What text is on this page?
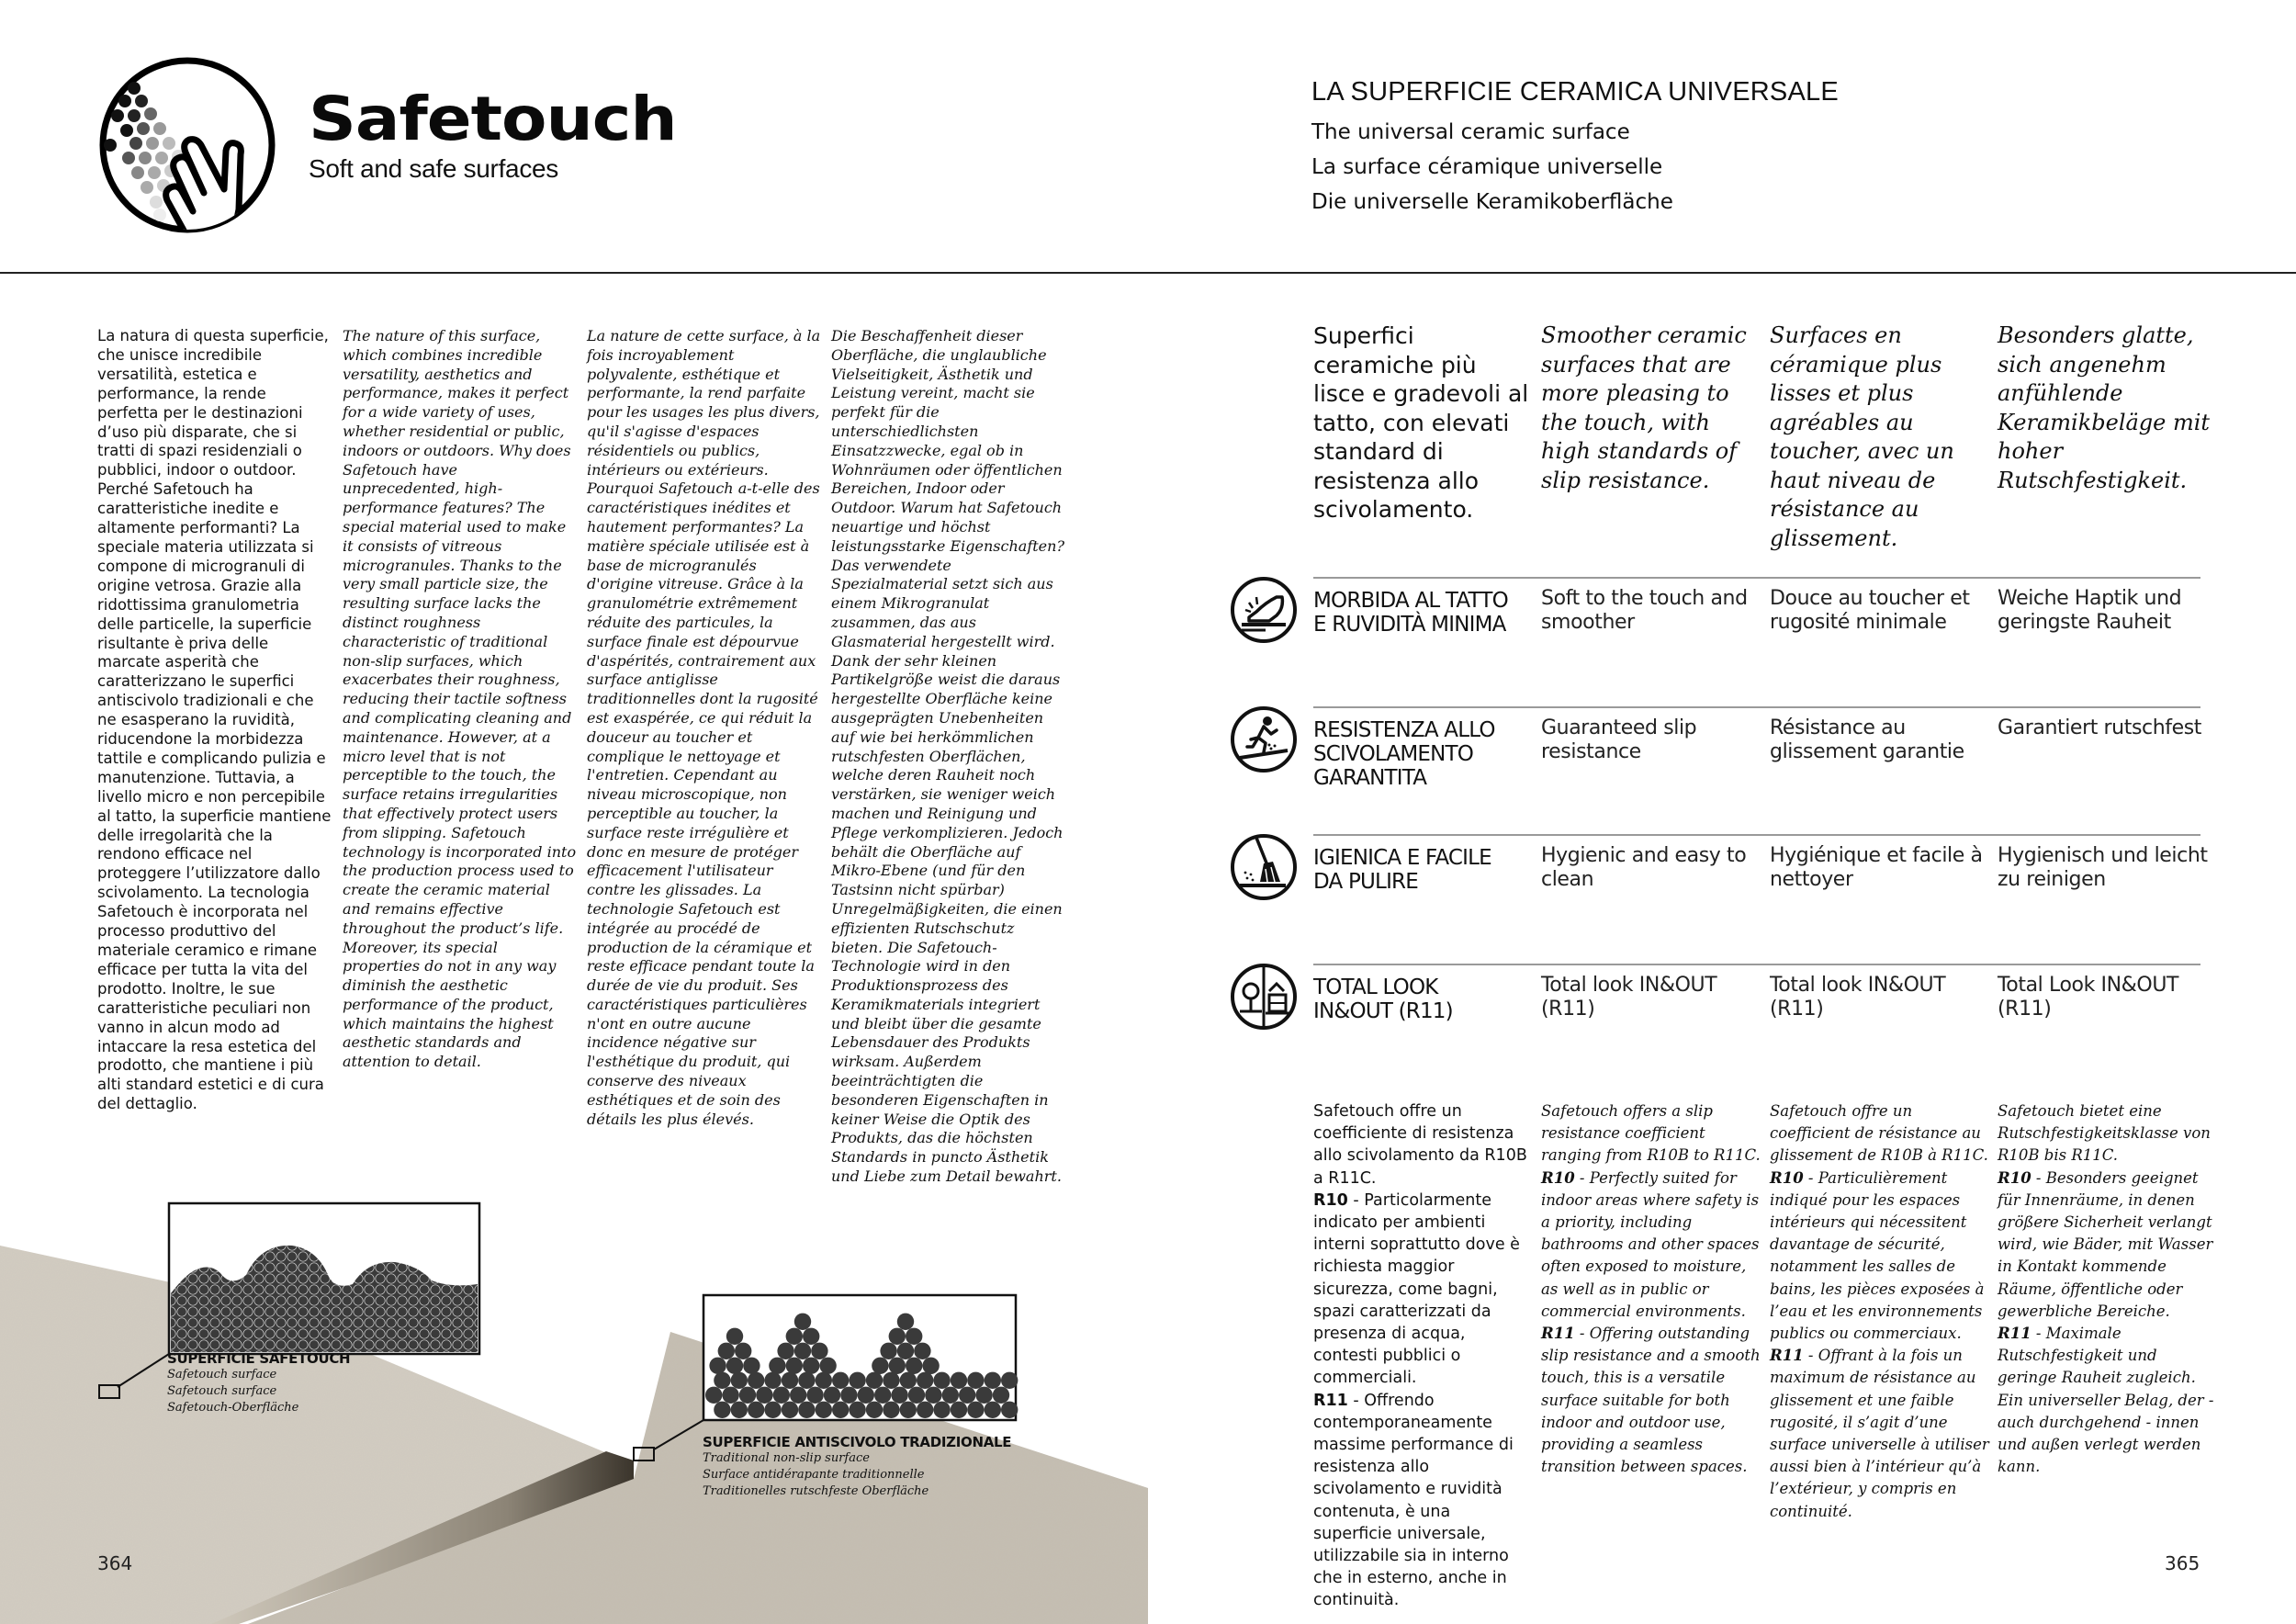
Safetouch
Soft and safe surfaces
LA SUPERFICIE CERAMICA UNIVERSALE
The universal ceramic surface
La surface céramique universelle
Die universelle Keramikoberfläche

La natura di questa superficie, che unisce incredibile versatilità, estetica e performance, la rende perfetta per le destinazioni d’uso più disparate, che si tratti di spazi residenziali o pubblici, indoor o outdoor. Perché Safetouch ha caratteristiche inedite e altamente performanti? La speciale materia utilizzata si compone di microgranuli di origine vetrosa. Grazie alla ridottissima granulometria delle particelle, la superficie risultante è priva delle marcate asperità che caratterizzano le superfici antiscivolo tradizionali e che ne esasperano la ruvidità, riducendone la morbidezza tattile e complicando pulizia e manutenzione. Tuttavia, a livello micro e non percepibile al tatto, la superficie mantiene delle irregolarità che la rendono efficace nel proteggere l’utilizzatore dallo scivolamento. La tecnologia Safetouch è incorporata nel processo produttivo del materiale ceramico e rimane efficace per tutta la vita del prodotto. Inoltre, le sue caratteristiche peculiari non vanno in alcun modo ad intaccare la resa estetica del prodotto, che mantiene i più alti standard estetici e di cura del dettaglio.

The nature of this surface, which combines incredible versatility, aesthetics and performance, makes it perfect for a wide variety of uses, whether residential or public, indoors or outdoors. Why does Safetouch have unprecedented, high-performance features? The special material used to make it consists of vitreous microgranules. Thanks to the very small particle size, the resulting surface lacks the distinct roughness characteristic of traditional non-slip surfaces, which exacerbates their roughness, reducing their tactile softness and complicating cleaning and maintenance. However, at a micro level that is not perceptible to the touch, the surface retains irregularities that effectively protect users from slipping. Safetouch technology is incorporated into the production process used to create the ceramic material and remains effective throughout the product’s life. Moreover, its special properties do not in any way diminish the aesthetic performance of the product, which maintains the highest aesthetic standards and attention to detail.

La nature de cette surface, à la fois incroyablement polyvalente, esthétique et performante, la rend parfaite pour les usages les plus divers, qu'il s'agisse d'espaces résidentiels ou publics, intérieurs ou extérieurs. Pourquoi Safetouch a-t-elle des caractéristiques inédites et hautement performantes? La matière spéciale utilisée est à base de microgranulés d'origine vitreuse. Grâce à la granulométrie extrêmement réduite des particules, la surface finale est dépourvue d'aspérités, contrairement aux surface antiglisse traditionnelles dont la rugosité est exaspérée, ce qui réduit la douceur au toucher et complique le nettoyage et l'entretien. Cependant au niveau microscopique, non perceptible au toucher, la surface reste irrégulière et donc en mesure de protéger efficacement l'utilisateur contre les glissades. La technologie Safetouch est intégrée au procédé de production de la céramique et reste efficace pendant toute la durée de vie du produit. Ses caractéristiques particulières n'ont en outre aucune incidence négative sur l'esthétique du produit, qui conserve des niveaux esthétiques et de soin des détails les plus élevés.

Die Beschaffenheit dieser Oberfläche, die unglaubliche Vielseitigkeit, Ästhetik und Leistung vereint, macht sie perfekt für die unterschiedlichsten Einsatzzwecke, egal ob in Wohnräumen oder öffentlichen Bereichen, Indoor oder Outdoor. Warum hat Safetouch neuartige und höchst leistungsstarke Eigenschaften? Das verwendete Spezialmaterial setzt sich aus einem Mikrogranulat zusammen, das aus Glasmaterial hergestellt wird. Dank der sehr kleinen Partikelgröße weist die daraus hergestellte Oberfläche keine ausgeprägten Unebenheiten auf wie bei herkömmlichen rutschfesten Oberflächen, welche deren Rauheit noch verstärken, sie weniger weich machen und Reinigung und Pflege verkomplizieren. Jedoch behält die Oberfläche auf Mikro-Ebene (und für den Tastsinn nicht spürbar) Unregelmäßigkeiten, die einen effizienten Rutschschutz bieten. Die Safetouch-Technologie wird in den Produktionsprozess des Keramikmaterials integriert und bleibt über die gesamte Lebensdauer des Produkts wirksam. Außerdem beeinträchtigten die besonderen Eigenschaften in keiner Weise die Optik des Produkts, das die höchsten Standards in puncto Ästhetik und Liebe zum Detail bewahrt.

SUPERFICIE SAFETOUCH
Safetouch surface
Safetouch surface
Safetouch-Oberfläche
SUPERFICIE ANTISCIVOLO TRADIZIONALE
Traditional non-slip surface
Surface antidérapante traditionnelle
Traditionelles rutschfeste Oberfläche
364
Superfici ceramiche più lisce e gradevoli al tatto, con elevati standard di resistenza allo scivolamento.
Smoother ceramic surfaces that are more pleasing to the touch, with high standards of slip resistance.
Surfaces en céramique plus lisses et plus agréables au toucher, avec un haut niveau de résistance au glissement.
Besonders glatte, sich angenehm anfühlende Keramikbeläge mit hoher Rutschfestigkeit.
MORBIDA AL TATTO E RUVIDITÀ MINIMA
Soft to the touch and smoother
Douce au toucher et rugosité minimale
Weiche Haptik und geringste Rauheit
RESISTENZA ALLO SCIVOLAMENTO GARANTITA
Guaranteed slip resistance
Résistance au glissement garantie
Garantiert rutschfest
IGIENICA E FACILE DA PULIRE
Hygienic and easy to clean
Hygiénique et facile à nettoyer
Hygienisch und leicht zu reinigen
TOTAL LOOK IN&OUT (R11)
Total look IN&OUT (R11)
Total look IN&OUT (R11)
Total Look IN&OUT (R11)
Safetouch offre un coefficiente di resistenza allo scivolamento da R10B a R11C.
R10 - Particolarmente indicato per ambienti interni soprattutto dove è richiesta maggior sicurezza, come bagni, spazi caratterizzati da presenza di acqua, contesti pubblici o commerciali.
R11 - Offrendo contemporaneamente massime performance di resistenza allo scivolamento e ruvidità contenuta, è una superficie universale, utilizzabile sia in interno che in esterno, anche in continuità.
Safetouch offers a slip resistance coefficient ranging from R10B to R11C.
R10 - Perfectly suited for indoor areas where safety is a priority, including bathrooms and other spaces often exposed to moisture, as well as in public or commercial environments.
R11 - Offering outstanding slip resistance and a smooth touch, this is a versatile surface suitable for both indoor and outdoor use, providing a seamless transition between spaces.
Safetouch offre un coefficient de résistance au glissement de R10B à R11C.
R10 - Particulièrement indiqué pour les espaces intérieurs qui nécessitent davantage de sécurité, notamment les salles de bains, les pièces exposées à l’eau et les environnements publics ou commerciaux.
R11 - Offrant à la fois un maximum de résistance au glissement et une faible rugosité, il s’agit d’une surface universelle à utiliser aussi bien à l’intérieur qu’à l’extérieur, y compris en continuité.
Safetouch bietet eine Rutschfestigkeitsklasse von R10B bis R11C.
R10 - Besonders geeignet für Innenräume, in denen größere Sicherheit verlangt wird, wie Bäder, mit Wasser in Kontakt kommende Räume, öffentliche oder gewerbliche Bereiche.
R11 - Maximale Rutschfestigkeit und geringe Rauheit zugleich. Ein universeller Belag, der - auch durchgehend - innen und außen verlegt werden kann.
365
